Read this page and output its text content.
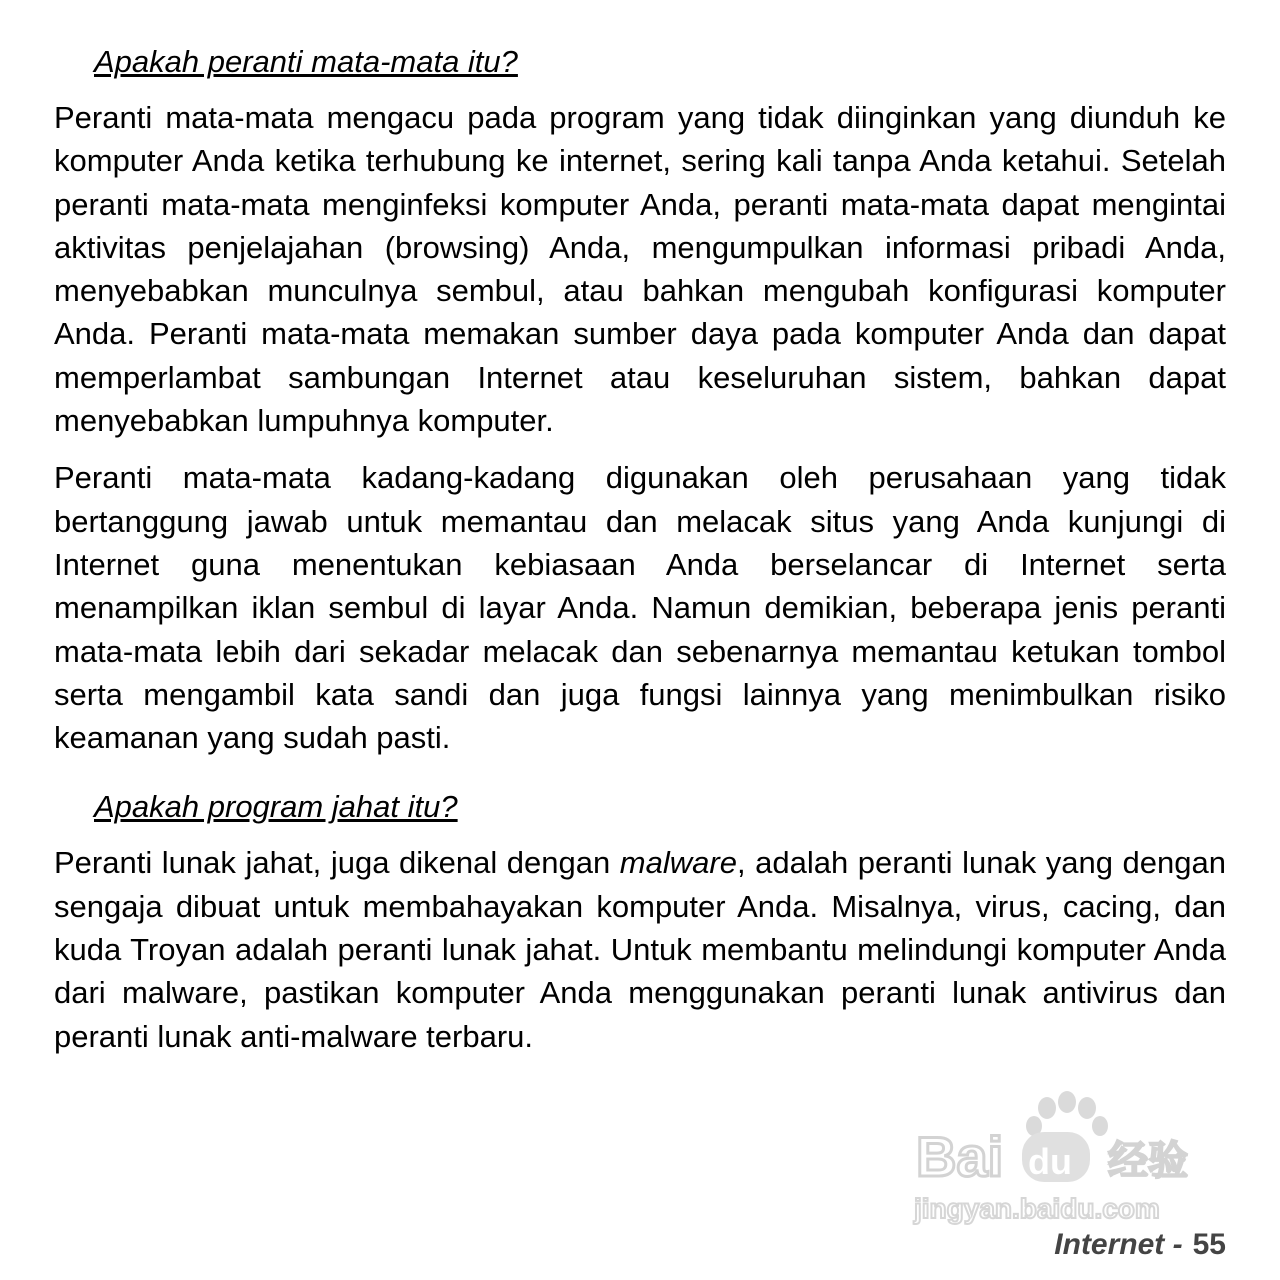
Apakah peranti mata-mata itu?

Peranti mata-mata mengacu pada program yang tidak diinginkan yang diunduh ke komputer Anda ketika terhubung ke internet, sering kali tanpa Anda ketahui. Setelah peranti mata-mata menginfeksi komputer Anda, peranti mata-mata dapat mengintai aktivitas penjelajahan (browsing) Anda, mengumpulkan informasi pribadi Anda, menyebabkan munculnya sembul, atau bahkan mengubah konfigurasi komputer Anda. Peranti mata-mata memakan sumber daya pada komputer Anda dan dapat memperlambat sambungan Internet atau keseluruhan sistem, bahkan dapat menyebabkan lumpuhnya komputer.

Peranti mata-mata kadang-kadang digunakan oleh perusahaan yang tidak bertanggung jawab untuk memantau dan melacak situs yang Anda kunjungi di Internet guna menentukan kebiasaan Anda berselancar di Internet serta menampilkan iklan sembul di layar Anda. Namun demikian, beberapa jenis peranti mata-mata lebih dari sekadar melacak dan sebenarnya memantau ketukan tombol serta mengambil kata sandi dan juga fungsi lainnya yang menimbulkan risiko keamanan yang sudah pasti.

Apakah program jahat itu?

Peranti lunak jahat, juga dikenal dengan malware, adalah peranti lunak yang dengan sengaja dibuat untuk membahayakan komputer Anda. Misalnya, virus, cacing, dan kuda Troyan adalah peranti lunak jahat. Untuk membantu melindungi komputer Anda dari malware, pastikan komputer Anda menggunakan peranti lunak antivirus dan peranti lunak anti-malware terbaru.

Bai du 经验
jingyan.baidu.com
Internet - 55
